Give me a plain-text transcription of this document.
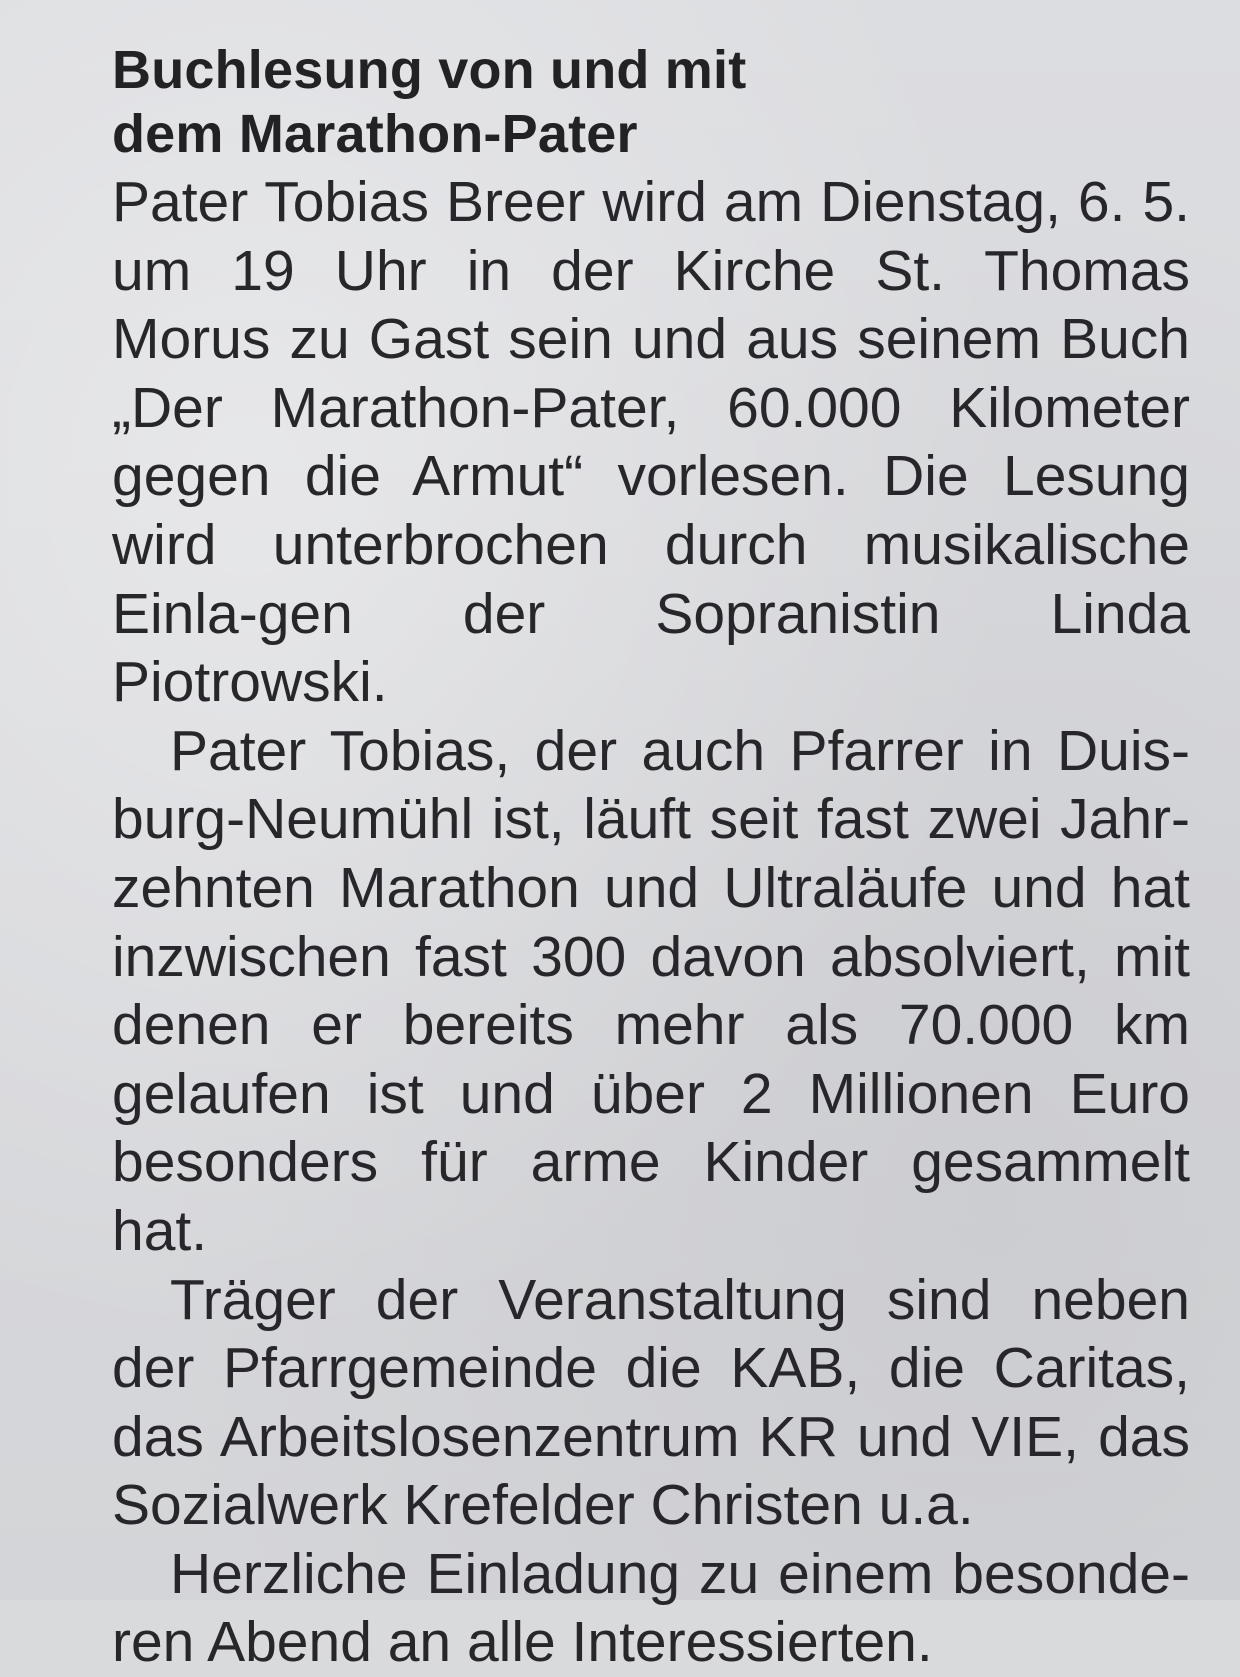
Buchlesung von und mit
dem Marathon-Pater

Pater Tobias Breer wird am Dienstag, 6. 5. um 19 Uhr in der Kirche St. Thomas Morus zu Gast sein und aus seinem Buch „Der Marathon-Pater, 60.000 Kilometer gegen die Armut“ vorlesen. Die Lesung wird unterbrochen durch musikalische Einla-gen der Sopranistin Linda Piotrowski.

Pater Tobias, der auch Pfarrer in Duis-burg-Neumühl ist, läuft seit fast zwei Jahr-zehnten Marathon und Ultraläufe und hat inzwischen fast 300 davon absolviert, mit denen er bereits mehr als 70.000 km gelaufen ist und über 2 Millionen Euro besonders für arme Kinder gesammelt hat.

Träger der Veranstaltung sind neben der Pfarrgemeinde die KAB, die Caritas, das Arbeitslosenzentrum KR und VIE, das Sozialwerk Krefelder Christen u.a.

Herzliche Einladung zu einem besonde-ren Abend an alle Interessierten.
